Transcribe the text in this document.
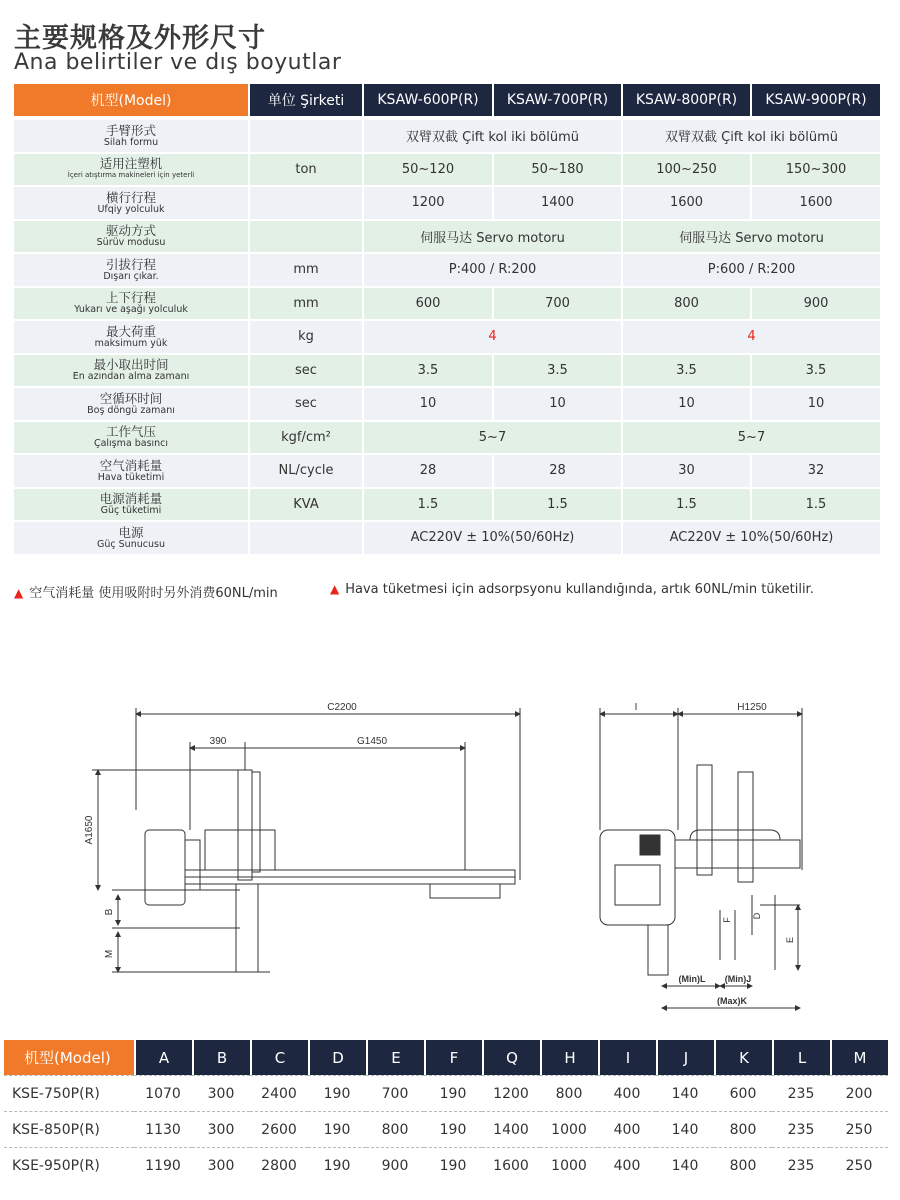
主要规格及外形尺寸
Ana belirtiler ve dış boyutlar
机型(Model)	单位 Şirketi	KSAW-600P(R)	KSAW-700P(R)	KSAW-800P(R)	KSAW-900P(R)

手臂形式
Silah formu		双臂双截 Çift kol iki bölümü		双臂双截 Çift kol iki bölümü	

适用注塑机
İçeri atıştırma makineleri için yeterli	ton	50~120	50~180	100~250	150~300

横行行程
Ufqiy yolculuk		1200	1400	1600	1600

驱动方式
Sürüv modusu		伺服马达 Servo motoru		伺服马达 Servo motoru	

引拔行程
Dışarı çıkar.	mm	P:400 / R:200		P:600 / R:200	

上下行程
Yukarı ve aşağı yolculuk	mm	600	700	800	900

最大荷重
maksimum yük	kg	4		4	

最小取出时间
En azından alma zamanı	sec	3.5	3.5	3.5	3.5

空循环时间
Boş döngü zamanı	sec	10	10	10	10

工作气压
Çalışma basıncı	kgf/cm²	5~7		5~7	

空气消耗量
Hava tüketimi	NL/cycle	28	28	30	32

电源消耗量
Güç tüketimi	KVA	1.5	1.5	1.5	1.5

电源
Güç Sunucusu		AC220V ± 10%(50/60Hz)		AC220V ± 10%(50/60Hz)	
▲ 空气消耗量 使用吸附时另外消费60NL/min	▲ Hava tüketmesi için adsorpsyonu kullandığında, artık 60NL/min tüketilir.
C2200
G1450
390
A1650
B
M
I	H1250
F
D
E
(Min)L (Min)J
(Max)K
机型(Model)	A	B	C	D	E	F	Q	H	I	J	K	L	M
KSE-750P(R)	1070	300	2400	190	700	190	1200	800	400	140	600	235	200
KSE-850P(R)	1130	300	2600	190	800	190	1400	1000	400	140	800	235	250
KSE-950P(R)	1190	300	2800	190	900	190	1600	1000	400	140	800	235	250
